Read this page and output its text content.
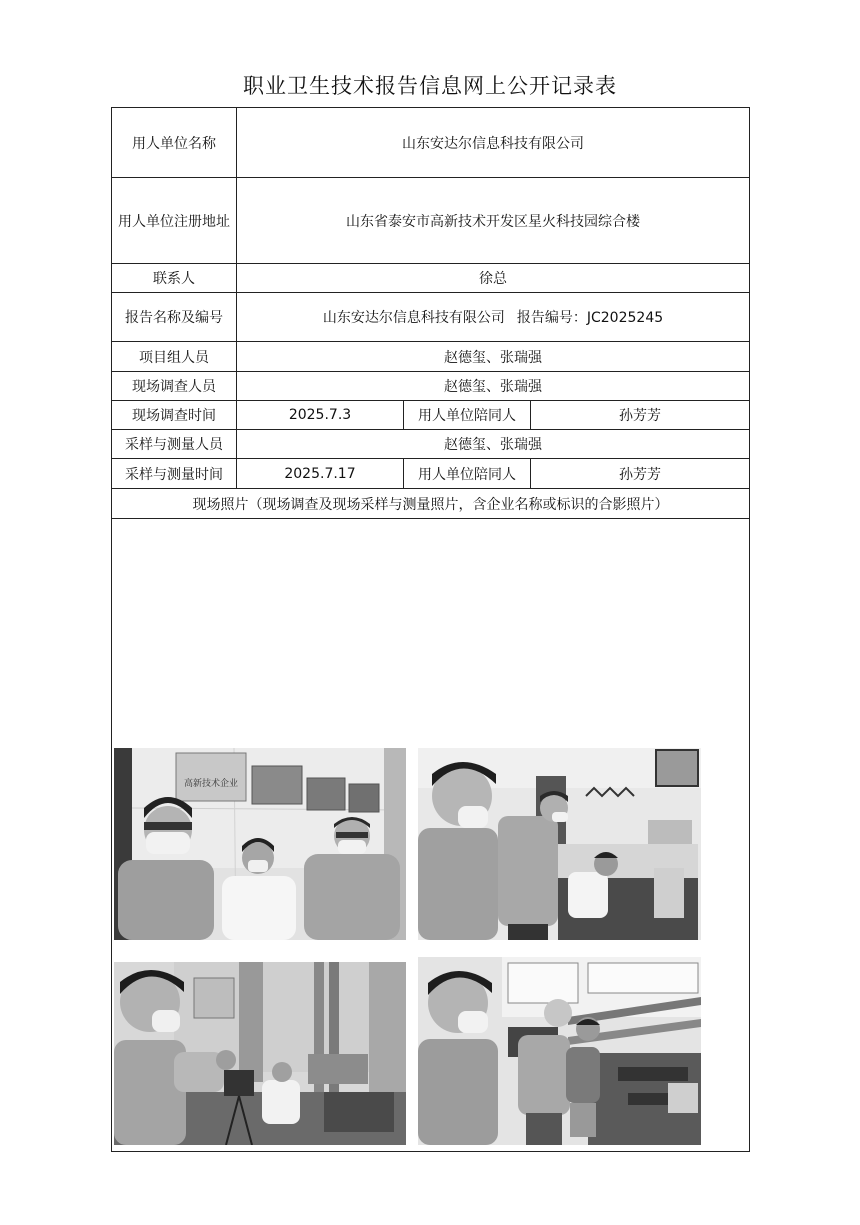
职业卫生技术报告信息网上公开记录表
用人单位名称	山东安达尔信息科技有限公司		
用人单位注册地址	山东省泰安市高新技术开发区星火科技园综合楼		
联系人	徐总		
报告名称及编号	山东安达尔信息科技有限公司 报告编号：JC2025245		
项目组人员	赵德玺、张瑞强		
现场调查人员	赵德玺、张瑞强		
现场调查时间	2025.7.3	用人单位陪同人	孙芳芳
采样与测量人员	赵德玺、张瑞强		
采样与测量时间	2025.7.17	用人单位陪同人	孙芳芳
现场照片（现场调查及现场采样与测量照片，含企业名称或标识的合影照片）			

高新技术企业			
